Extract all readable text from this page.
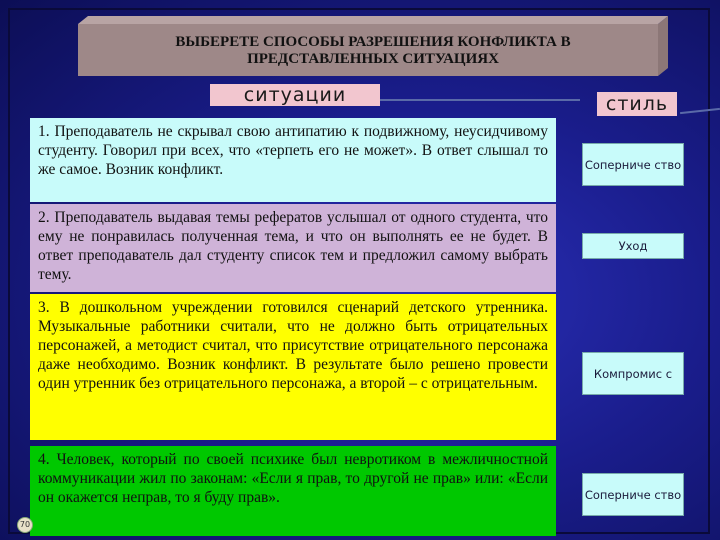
ВЫБЕРЕТЕ СПОСОБЫ РАЗРЕШЕНИЯ КОНФЛИКТА В ПРЕДСТАВЛЕННЫХ СИТУАЦИЯХ
ситуации	стиль
1. Преподаватель не скрывал свою антипатию к подвижному, неусидчивому студенту. Говорил при всех, что «терпеть его не может». В ответ слышал то же самое. Возник конфликт.
2. Преподаватель выдавая темы рефератов услышал от одного студента, что ему не понравилась полученная тема, и что он выполнять ее не будет. В ответ преподаватель дал студенту список тем и предложил самому выбрать тему.
3. В дошкольном учреждении готовился сценарий детского утренника. Музыкальные работники считали, что не должно быть отрицательных персонажей, а методист считал, что присутствие отрицательного персонажа даже необходимо. Возник конфликт. В результате было решено провести один утренник без отрицательного персонажа, а второй – с отрицательным.
4. Человек, который по своей психике был невротиком в межличностной коммуникации жил по законам: «Если я прав, то другой не прав» или: «Если он окажется неправ, то я буду прав».
Соперниче ство
Уход
Компромис с
Соперниче ство
70
